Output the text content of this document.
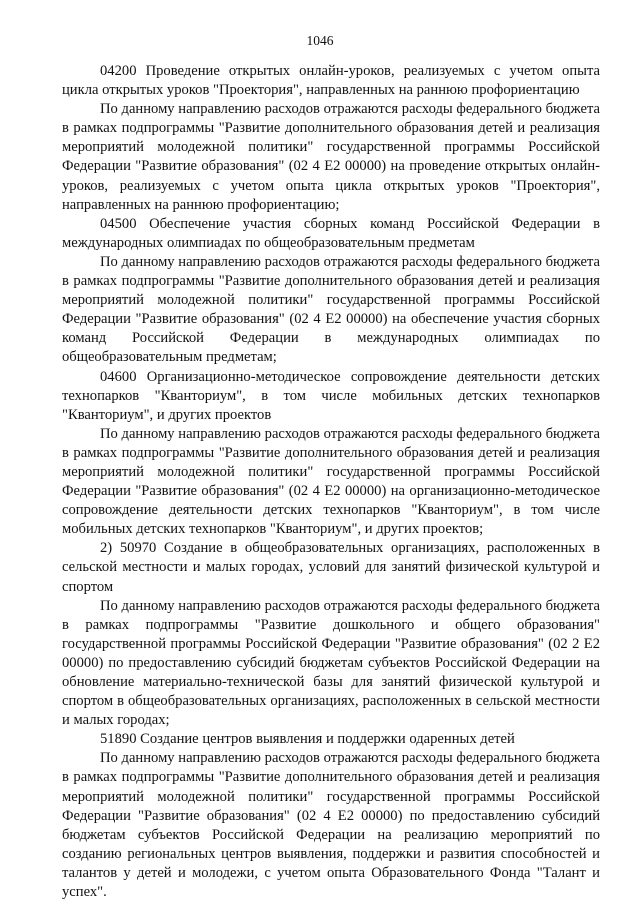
1046

04200 Проведение открытых онлайн-уроков, реализуемых с учетом опыта цикла открытых уроков "Проектория", направленных на раннюю профориентацию

По данному направлению расходов отражаются расходы федерального бюджета в рамках подпрограммы "Развитие дополнительного образования детей и реализация мероприятий молодежной политики" государственной программы Российской Федерации "Развитие образования" (02 4 Е2 00000) на проведение открытых онлайн-уроков, реализуемых с учетом опыта цикла открытых уроков "Проектория", направленных на раннюю профориентацию;

04500 Обеспечение участия сборных команд Российской Федерации в международных олимпиадах по общеобразовательным предметам

По данному направлению расходов отражаются расходы федерального бюджета в рамках подпрограммы "Развитие дополнительного образования детей и реализация мероприятий молодежной политики" государственной программы Российской Федерации "Развитие образования" (02 4 Е2 00000) на обеспечение участия сборных команд Российской Федерации в международных олимпиадах по общеобразовательным предметам;

04600 Организационно-методическое сопровождение деятельности детских технопарков "Кванториум", в том числе мобильных детских технопарков "Кванториум", и других проектов

По данному направлению расходов отражаются расходы федерального бюджета в рамках подпрограммы "Развитие дополнительного образования детей и реализация мероприятий молодежной политики" государственной программы Российской Федерации "Развитие образования" (02 4 Е2 00000) на организационно-методическое сопровождение деятельности детских технопарков "Кванториум", в том числе мобильных детских технопарков "Кванториум", и других проектов;

2) 50970 Создание в общеобразовательных организациях, расположенных в сельской местности и малых городах, условий для занятий физической культурой и спортом

По данному направлению расходов отражаются расходы федерального бюджета в рамках подпрограммы "Развитие дошкольного и общего образования" государственной программы Российской Федерации "Развитие образования" (02 2 Е2 00000) по предоставлению субсидий бюджетам субъектов Российской Федерации на обновление материально-технической базы для занятий физической культурой и спортом в общеобразовательных организациях, расположенных в сельской местности и малых городах;

51890 Создание центров выявления и поддержки одаренных детей

По данному направлению расходов отражаются расходы федерального бюджета в рамках подпрограммы "Развитие дополнительного образования детей и реализация мероприятий молодежной политики" государственной программы Российской Федерации "Развитие образования" (02 4 Е2 00000) по предоставлению субсидий бюджетам субъектов Российской Федерации на реализацию мероприятий по созданию региональных центров выявления, поддержки и развития способностей и талантов у детей и молодежи, с учетом опыта Образовательного Фонда "Талант и успех".
